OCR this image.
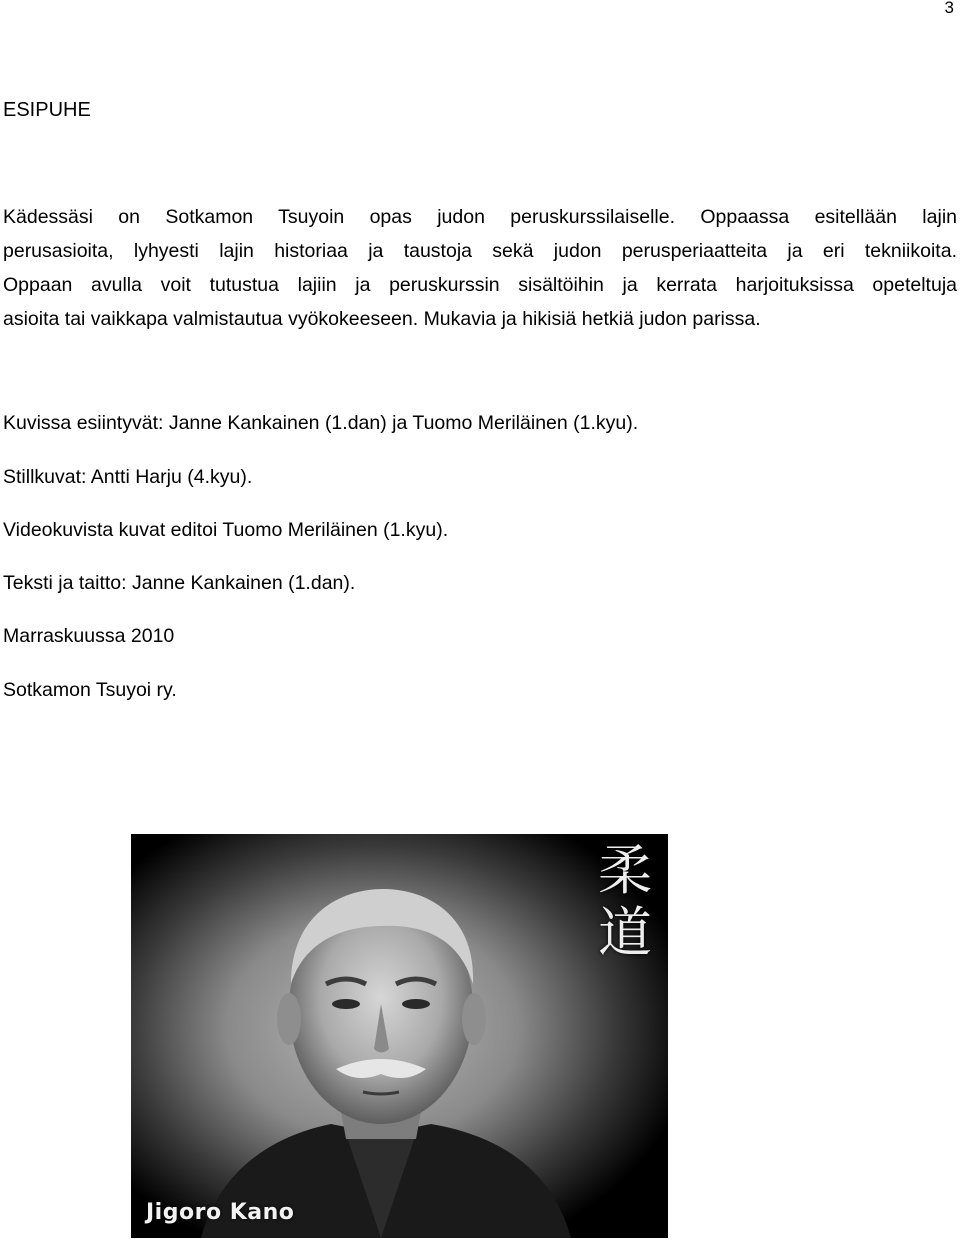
3
ESIPUHE

Kädessäsi on Sotkamon Tsuyoin opas judon peruskurssilaiselle. Oppaassa esitellään lajin
perusasioita, lyhyesti lajin historiaa ja taustoja sekä judon perusperiaatteita ja eri tekniikoita.
Oppaan avulla voit tutustua lajiin ja peruskurssin sisältöihin ja kerrata harjoituksissa opeteltuja
asioita tai vaikkapa valmistautua vyökokeeseen. Mukavia ja hikisiä hetkiä judon parissa.

Kuvissa esiintyvät: Janne Kankainen (1.dan) ja Tuomo Meriläinen (1.kyu).

Stillkuvat: Antti Harju (4.kyu).

Videokuvista kuvat editoi Tuomo Meriläinen (1.kyu).

Teksti ja taitto: Janne Kankainen (1.dan).

Marraskuussa 2010

Sotkamon Tsuyoi ry.

柔
道
Jigoro Kano
